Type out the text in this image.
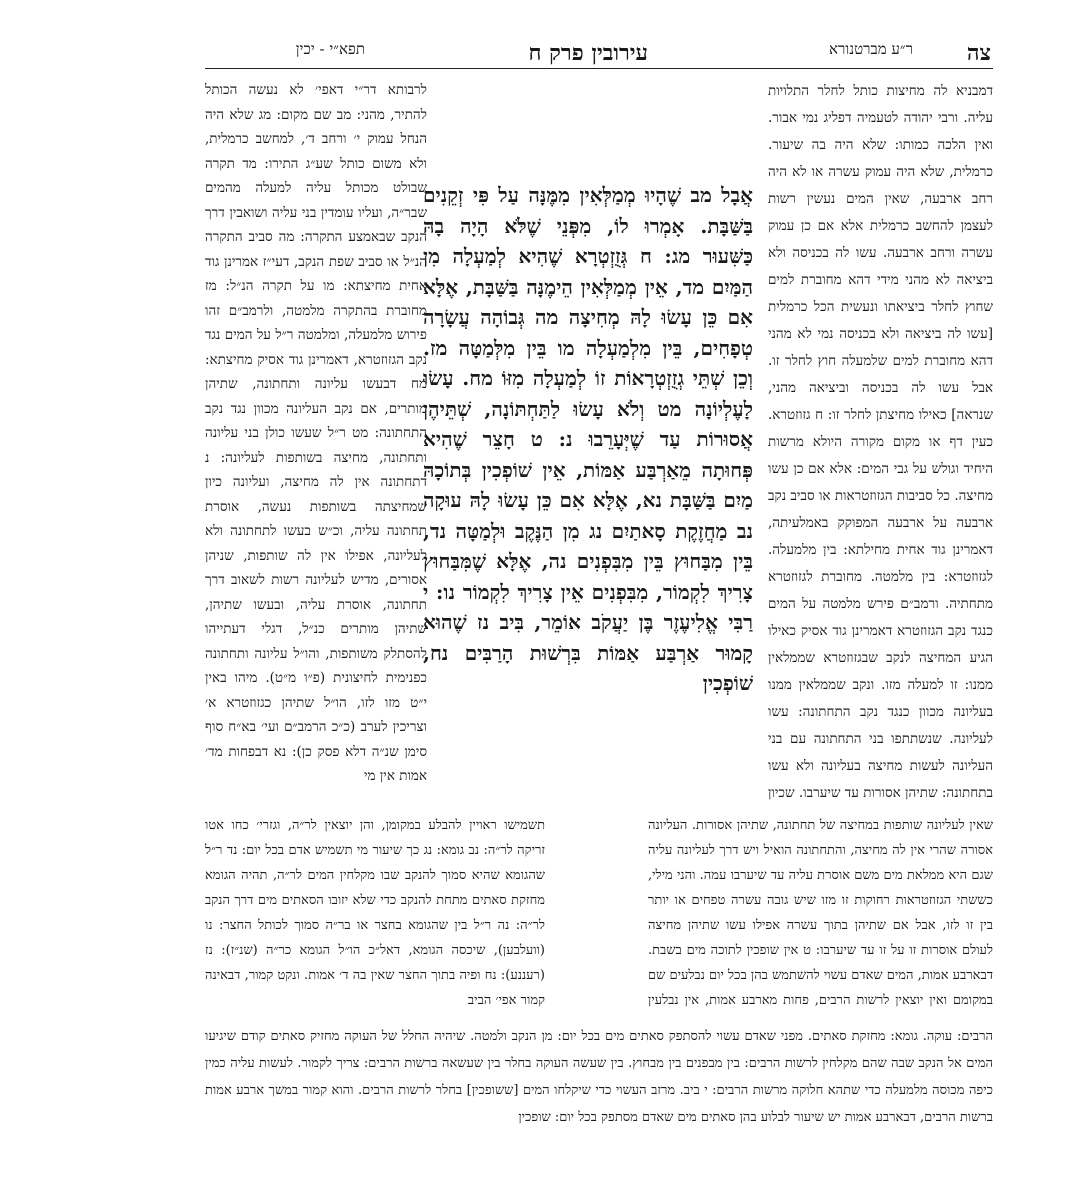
צה
ר״ע מברטנורא
עירובין פרק ח
תפא״י - יכין

דמבניא לה מחיצות כותל לחלר התלויות עליה. ורבי יהודה לטעמיה דפליג נמי אבור. ואין הלכה כמותו: שלא היה בה שיעור. כרמלית, שלא היה עמוק עשרה או לא היה רחב ארבעה, שאין המים נעשין רשות לעצמן להחשב כרמלית אלא אם כן עמוק עשרה ורחב ארבעה. עשו לה בכניסה ולא ביציאה לא מהני מידי דהא מחוברת למים שחוץ לחלר ביציאתו ונעשית הכל כרמלית [עשו לה ביציאה ולא בכניסה נמי לא מהני דהא מחוברת למים שלמעלה חוץ לחלר זו. אבל עשו לה בכניסה וביציאה מהני, שנראה] כאילו מחיצתן לחלר זו: ח גזוזטרא. כעין דף או מקום מקורה היולא מרשות היחיד וגולש על גבי המים: אלא אם כן עשו מחיצה. כל סביבות הגזוזטראות או סביב נקב ארבעה על ארבעה המפוקק באמלעיתה, דאמרינן גוד אחית מחילתא: בין מלמעלה. לגזוזטרא: בין מלמטה. מחוברת לגזוזטרא מתחתיה. ורמב״ם פירש מלמטה על המים כנגד נקב הגזוזטרא דאמרינן גוד אסיק כאילו הגיע המחיצה לנקב שבגזוזטרא שממלאין ממנו: זו למעלה מזו. ונקב שממלאין ממנו בעליונה מכוון כנגד נקב התחתונה: עשו לעליונה. שנשתתפו בני התחתונה עם בני העליונה לעשות מחיצה בעליונה ולא עשו בתחתונה: שתיהן אסורות עד שיערבו. שכיון

אֲבָל מב שֶׁהָיוּ מְמַלְּאִין מִמֶּנָּה עַל פִּי זְקֵנִים בַּשַּׁבָּת. אָמְרוּ לוֹ, מִפְּנֵי שֶׁלֹּא הָיָה בָהּ כַּשִּׁעוּר מג: ח גְּזֻזְטְרָא שֶׁהִיא לְמַעְלָה מִן הַמַּיִם מד, אֵין מְמַלְּאִין הֵימֶנָּה בַּשַּׁבָּת, אֶלָּא אִם כֵּן עָשׂוּ לָהּ מְחִיצָה מה גְּבוֹהָה עֲשָׂרָה טְפָחִים, בֵּין מִלְמַעְלָה מו בֵּין מִלְּמַטָּה מז. וְכֵן שְׁתֵּי גְזֻזְטְרָאוֹת זוֹ לְמַעְלָה מִזּוֹ מח. עָשׂוּ לָעֶלְיוֹנָה מט וְלֹא עָשׂוּ לַתַּחְתּוֹנָה, שְׁתֵּיהֶן אֲסוּרוֹת עַד שֶׁיְּעָרֵבוּ נ: ט חָצֵר שֶׁהִיא פְּחוּתָה מֵאַרְבַּע אַמּוֹת, אֵין שׁוֹפְכִין בְּתוֹכָהּ מַיִם בַּשַּׁבָּת נא, אֶלָּא אִם כֵּן עָשׂוּ לָהּ עוּקָה נב מַחֲזֶקֶת סָאתַיִם נג מִן הַנֶּקֶב וּלְמַטָּה נד, בֵּין מִבַּחוּץ בֵּין מִבִּפְנִים נה, אֶלָּא שֶׁמִּבַּחוּץ צָרִיךְ לִקְמוֹר, מִבִּפְנִים אֵין צָרִיךְ לִקְמוֹר נו: י רַבִּי אֱלִיעֶזֶר בֶּן יַעֲקֹב אוֹמֵר, בִּיב נז שֶׁהוּא קָמוּר אַרְבַּע אַמּוֹת בִּרְשׁוּת הָרַבִּים נח, שׁוֹפְכִין

לרבותא דר״י דאפי׳ לא נעשה הכותל להתיר, מהני: מב שם מקום: מג שלא היה הנחל עמוק י׳ ורחב ד׳, למחשב כרמלית, ולא משום כותל שע״ג התירו: מד תקרה שבולט מכותל עליה למעלה מהמים שבר״ה, ועליו עומדין בני עליה ושואבין דרך הנקב שבאמצע התקרה: מה סביב התקרה הנ״ל או סביב שפת הנקב, דעי״ז אמרינן גוד אחית מחיצתא: מו על תקרה הנ״ל: מז מחוברת בהתקרה מלמטה, ולרמב״ם זהו פירוש מלמעלה, ומלמטה ר״ל על המים נגד נקב הגזוזטרא, דאמרינן גוד אסיק מחיצתא: מח דבעשו עליונה ותחתונה, שתיהן מותרים, אם נקב העליונה מכוון נגד נקב התחתונה: מט ר״ל שעשו כולן בני עליונה ותחתונה, מחיצה בשותפות לעליונה: נ דתחתונה אין לה מחיצה, ועליונה כיון שמחיצתה בשותפות נעשה, אוסרת תחתונה עליה, וכ״ש בעשו לתחתונה ולא לעליונה, אפילו אין לה שותפות, שניהן אסורים, מדיש לעליונה רשות לשאוב דרך תחתונה, אוסרת עליה, ובעשו שתיהן, שתיהן מותרים כנ״ל, דגלי דעתייהו להסתלק משותפות, והו״ל עליונה ותחתונה כפנימית לחיצונית (פ״ו מ״ט). מיהו באין י״ט מזו לזו, הו״ל שתיהן כגזוזטרא א׳ וצריכין לערב (כ״כ הרמב״ם ועי׳ בא״ח סוף סימן שנ״ה דלא פסק כן): נא דבפחות מד׳ אמות אין מי

שאין לעליונה שותפות במחיצה של תחתונה, שתיהן אסורות. העליונה אסורה שהרי אין לה מחיצה, והתחתונה הואיל ויש דרך לעליונה עליה שגם היא ממלאת מים משם אוסרת עליה עד שיערבו עמה. והני מילי, כששתי הגזוזטראות רחוקות זו מזו שיש גובה עשרה טפחים או יותר בין זו לזו, אבל אם שתיהן בתוך עשרה אפילו עשו שתיהן מחיצה לעולם אוסרות זו על זו עד שיערבו: ט אין שופכין לתוכה מים בשבת. דבארבע אמות, המים שאדם עשוי להשתמש בהן בכל יום נבלעים שם במקומם ואין יוצאין לרשות הרבים, פחות מארבע אמות, אין נבלעין

תשמישו ראויין להבלע במקומן, והן יוצאין לר״ה, וגזרי׳ כחו אטו זריקה לר״ה: נב גומא: נג כך שיעור מי תשמיש אדם בכל יום: נד ר״ל שהגומא שהיא סמוך להנקב שבו מקלחין המים לר״ה, תהיה הגומא מחזקת סאתים מתחת להנקב כדי שלא יזובו הסאתים מים דרך הנקב לר״ה: נה ר״ל בין שהגומא בחצר או בר״ה סמוך לכותל החצר: נו (וועלבען), שיכסה הגומא, דאל״כ הו״ל הגומא כר״ה (שנ״ז): נז (רעננע): נח ופיה בתוך החצר שאין בה ד׳ אמות. ונקט קמור, דבאינה קמור אפי׳ הביב

הרבים: עוקה. גומא: מחזקת סאתים. מפני שאדם עשוי להסתפק סאתים מים בכל יום: מן הנקב ולמטה. שיהיה החלל של העוקה מחזיק סאתים קודם שיגיעו המים אל הנקב שבה שהם מקלחין לרשות הרבים: בין מבפנים בין מבחוץ. בין שעשה העוקה בחלר בין שעשאה ברשות הרבים: צריך לקמור. לעשות עליה כמין כיפה מכוסה מלמעלה כדי שתהא חלוקה מרשות הרבים: י ביב. מרזב העשוי כדי שיקלחו המים [ששופכין] בחלר לרשות הרבים. והוא קמור במשך ארבע אמות ברשות הרבים, דבארבע אמות יש שיעור לבלוע בהן סאתים מים שאדם מסתפק בכל יום: שופכין
